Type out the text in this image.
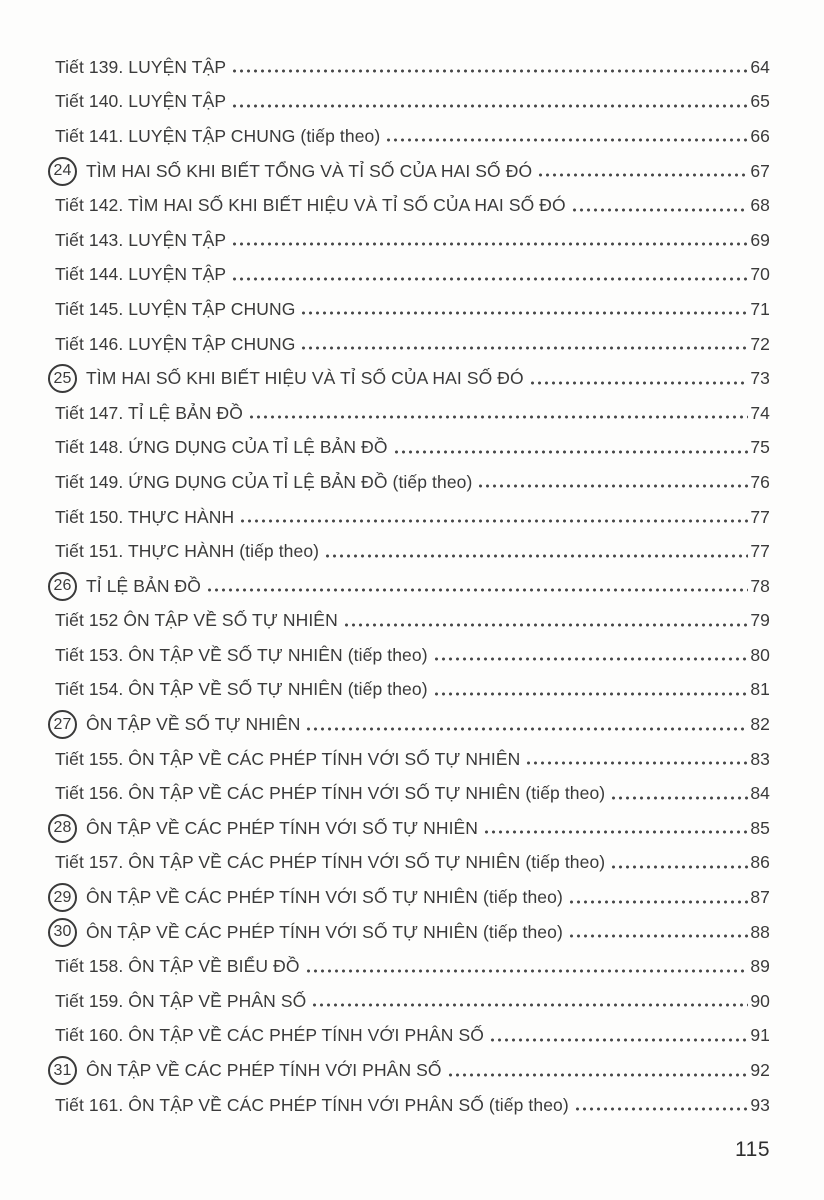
Tiết 139. LUYỆN TẬP	64
Tiết 140. LUYỆN TẬP	65
Tiết 141. LUYỆN TẬP CHUNG (tiếp theo)	66
24 TÌM HAI SỐ KHI BIẾT TỔNG VÀ TỈ SỐ CỦA HAI SỐ ĐÓ	67
Tiết 142. TÌM HAI SỐ KHI BIẾT HIỆU VÀ TỈ SỐ CỦA HAI SỐ ĐÓ	68
Tiết 143. LUYỆN TẬP	69
Tiết 144. LUYỆN TẬP	70
Tiết 145. LUYỆN TẬP CHUNG	71
Tiết 146. LUYỆN TẬP CHUNG	72
25 TÌM HAI SỐ KHI BIẾT HIỆU VÀ TỈ SỐ CỦA HAI SỐ ĐÓ	73
Tiết 147. TỈ LỆ BẢN ĐỒ	74
Tiết 148. ỨNG DỤNG CỦA TỈ LỆ BẢN ĐỒ	75
Tiết 149. ỨNG DỤNG CỦA TỈ LỆ BẢN ĐỒ (tiếp theo)	76
Tiết 150. THỰC HÀNH	77
Tiết 151. THỰC HÀNH (tiếp theo)	77
26 TỈ LỆ BẢN ĐỒ	78
Tiết 152 ÔN TẬP VỀ SỐ TỰ NHIÊN	79
Tiết 153. ÔN TẬP VỀ SỐ TỰ NHIÊN (tiếp theo)	80
Tiết 154. ÔN TẬP VỀ SỐ TỰ NHIÊN (tiếp theo)	81
27 ÔN TẬP VỀ SỐ TỰ NHIÊN	82
Tiết 155. ÔN TẬP VỀ CÁC PHÉP TÍNH VỚI SỐ TỰ NHIÊN	83
Tiết 156. ÔN TẬP VỀ CÁC PHÉP TÍNH VỚI SỐ TỰ NHIÊN (tiếp theo)	84
28 ÔN TẬP VỀ CÁC PHÉP TÍNH VỚI SỐ TỰ NHIÊN	85
Tiết 157. ÔN TẬP VỀ CÁC PHÉP TÍNH VỚI SỐ TỰ NHIÊN (tiếp theo)	86
29 ÔN TẬP VỀ CÁC PHÉP TÍNH VỚI SỐ TỰ NHIÊN (tiếp theo)	87
30 ÔN TẬP VỀ CÁC PHÉP TÍNH VỚI SỐ TỰ NHIÊN (tiếp theo)	88
Tiết 158. ÔN TẬP VỀ BIỂU ĐỒ	89
Tiết 159. ÔN TẬP VỀ PHÂN SỐ	90
Tiết 160. ÔN TẬP VỀ CÁC PHÉP TÍNH VỚI PHÂN SỐ	91
31 ÔN TẬP VỀ CÁC PHÉP TÍNH VỚI PHÂN SỐ	92
Tiết 161. ÔN TẬP VỀ CÁC PHÉP TÍNH VỚI PHÂN SỐ (tiếp theo)	93
115
